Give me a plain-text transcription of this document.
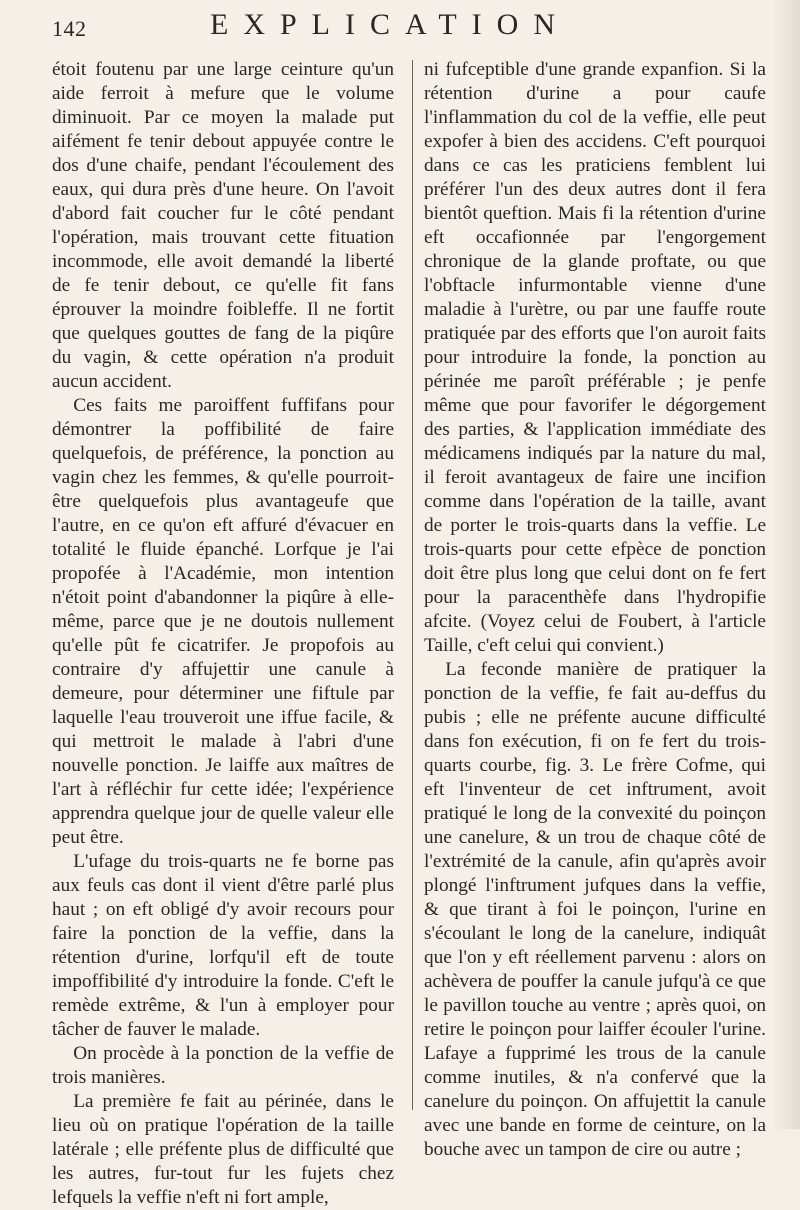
142	EXPLICATION

étoit foutenu par une large ceinture qu'un aide ferroit à mefure que le volume diminuoit. Par ce moyen la malade put aifément fe tenir debout appuyée contre le dos d'une chaife, pendant l'écoulement des eaux, qui dura près d'une heure. On l'avoit d'abord fait coucher fur le côté pendant l'opération, mais trouvant cette fituation incommode, elle avoit demandé la liberté de fe tenir debout, ce qu'elle fit fans éprouver la moindre foibleffe. Il ne fortit que quelques gouttes de fang de la piqûre du vagin, & cette opération n'a produit aucun accident.

Ces faits me paroiffent fuffifans pour démontrer la poffibilité de faire quelquefois, de préférence, la ponction au vagin chez les femmes, & qu'elle pourroit-être quelquefois plus avantageufe que l'autre, en ce qu'on eft affuré d'évacuer en totalité le fluide épanché. Lorfque je l'ai propofée à l'Académie, mon intention n'étoit point d'abandonner la piqûre à elle-même, parce que je ne doutois nullement qu'elle pût fe cicatrifer. Je propofois au contraire d'y affujettir une canule à demeure, pour déterminer une fiftule par laquelle l'eau trouveroit une iffue facile, & qui mettroit le malade à l'abri d'une nouvelle ponction. Je laiffe aux maîtres de l'art à réfléchir fur cette idée; l'expérience apprendra quelque jour de quelle valeur elle peut être.

L'ufage du trois-quarts ne fe borne pas aux feuls cas dont il vient d'être parlé plus haut ; on eft obligé d'y avoir recours pour faire la ponction de la veffie, dans la rétention d'urine, lorfqu'il eft de toute impoffibilité d'y introduire la fonde. C'eft le remède extrême, & l'un à employer pour tâcher de fauver le malade.

On procède à la ponction de la veffie de trois manières.

La première fe fait au périnée, dans le lieu où on pratique l'opération de la taille latérale ; elle préfente plus de difficulté que les autres, fur-tout fur les fujets chez lefquels la veffie n'eft ni fort ample,

ni fufceptible d'une grande expanfion. Si la rétention d'urine a pour caufe l'inflammation du col de la veffie, elle peut expofer à bien des accidens. C'eft pourquoi dans ce cas les praticiens femblent lui préférer l'un des deux autres dont il fera bientôt queftion. Mais fi la rétention d'urine eft occafionnée par l'engorgement chronique de la glande proftate, ou que l'obftacle infurmontable vienne d'une maladie à l'urètre, ou par une fauffe route pratiquée par des efforts que l'on auroit faits pour introduire la fonde, la ponction au périnée me paroît préférable ; je penfe même que pour favorifer le dégorgement des parties, & l'application immédiate des médicamens indiqués par la nature du mal, il feroit avantageux de faire une incifion comme dans l'opération de la taille, avant de porter le trois-quarts dans la veffie. Le trois-quarts pour cette efpèce de ponction doit être plus long que celui dont on fe fert pour la paracenthèfe dans l'hydropifie afcite. (Voyez celui de Foubert, à l'article Taille, c'eft celui qui convient.)

La feconde manière de pratiquer la ponction de la veffie, fe fait au-deffus du pubis ; elle ne préfente aucune difficulté dans fon exécution, fi on fe fert du trois-quarts courbe, fig. 3. Le frère Cofme, qui eft l'inventeur de cet inftrument, avoit pratiqué le long de la convexité du poinçon une canelure, & un trou de chaque côté de l'extrémité de la canule, afin qu'après avoir plongé l'inftrument jufques dans la veffie, & que tirant à foi le poinçon, l'urine en s'écoulant le long de la canelure, indiquât que l'on y eft réellement parvenu : alors on achèvera de pouffer la canule jufqu'à ce que le pavillon touche au ventre ; après quoi, on retire le poinçon pour laiffer écouler l'urine. Lafaye a fupprimé les trous de la canule comme inutiles, & n'a confervé que la canelure du poinçon. On affujettit la canule avec une bande en forme de ceinture, on la bouche avec un tampon de cire ou autre ;
